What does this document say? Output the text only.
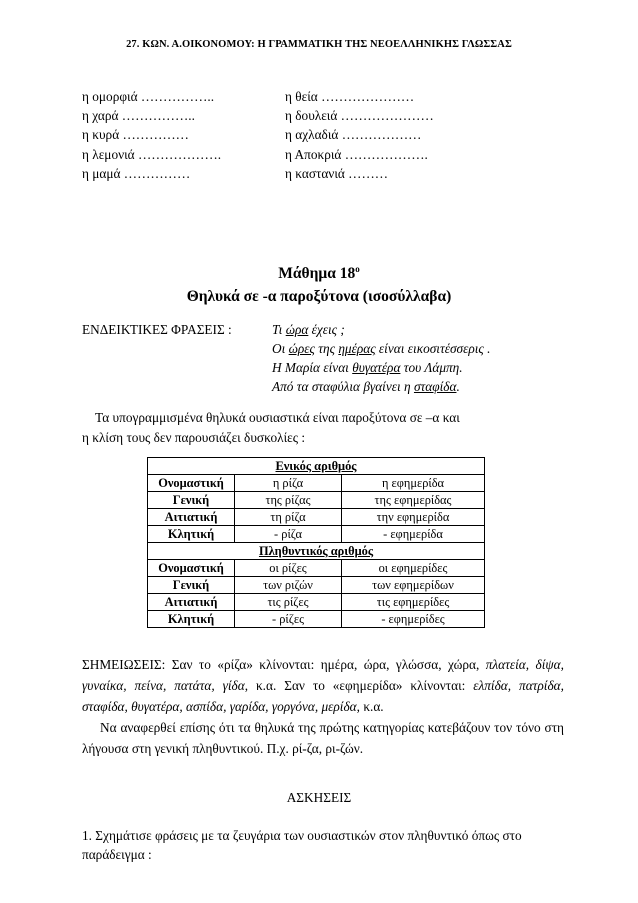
27. ΚΩΝ. Α.ΟΙΚΟΝΟΜΟΥ: Η ΓΡΑΜΜΑΤΙΚΗ ΤΗΣ ΝΕΟΕΛΛΗΝΙΚΗΣ ΓΛΩΣΣΑΣ
η ομορφιά ……………..	η θεία …………………
η χαρά ……………..	η δουλειά …………………
η κυρά ……………	η αχλαδιά ………………
η λεμονιά ……………….	η Αποκριά ……………….
η μαμά ……………	η καστανιά ………
Μάθημα $18^o$
Θηλυκά σε -α παροξύτονα (ισοσύλλαβα)
ΕΝΔΕΙΚΤΙΚΕΣ ΦΡΑΣΕΙΣ :	Τι ώρα έχεις ;
Οι ώρες της ημέρας είναι εικοσιτέσσερις .
Η Μαρία είναι θυγατέρα του Λάμπη.
Από τα σταφύλια βγαίνει η σταφίδα.
Τα υπογραμμισμένα θηλυκά ουσιαστικά είναι παροξύτονα σε –α και
η κλίση τους δεν παρουσιάζει δυσκολίες :
Ενικός αριθμός		
Ονομαστική	η ρίζα	η εφημερίδα
Γενική	της ρίζας	της εφημερίδας
Αιτιατική	τη ρίζα	την εφημερίδα
Κλητική	- ρίζα	- εφημερίδα
Πληθυντικός αριθμός		
Ονομαστική	οι ρίζες	οι εφημερίδες
Γενική	των ριζών	των εφημερίδων
Αιτιατική	τις ρίζες	τις εφημερίδες
Κλητική	- ρίζες	- εφημερίδες

ΣΗΜΕΙΩΣΕΙΣ: Σαν το «ρίζα» κλίνονται: ημέρα, ώρα, γλώσσα, χώρα, πλατεία, δίψα, γυναίκα, πείνα, πατάτα, γίδα, κ.α. Σαν το «εφημερίδα» κλίνονται: ελπίδα, πατρίδα, σταφίδα, θυγατέρα, ασπίδα, γαρίδα, γοργόνα, μερίδα, κ.α.

Να αναφερθεί επίσης ότι τα θηλυκά της πρώτης κατηγορίας κατεβάζουν τον τόνο στη λήγουσα στη γενική πληθυντικού. Π.χ. ρί-ζα, ρι-ζών.

ΑΣΚΗΣΕΙΣ
1. Σχημάτισε φράσεις με τα ζευγάρια των ουσιαστικών στον πληθυντικό όπως στο παράδειγμα :
